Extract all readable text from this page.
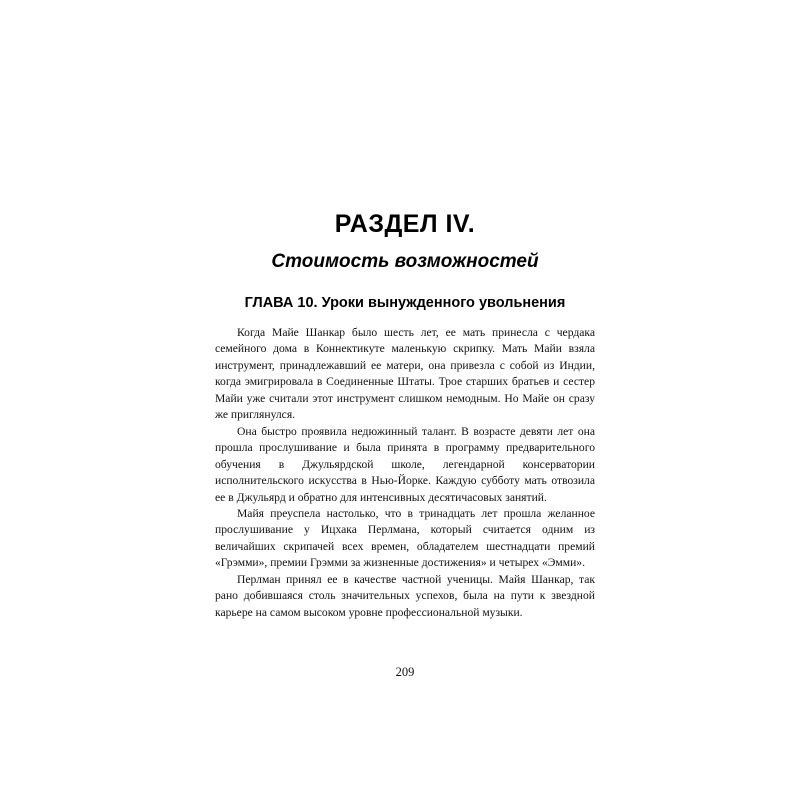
РАЗДЕЛ IV.
Стоимость возможностей
ГЛАВА 10. Уроки вынужденного увольнения

Когда Майе Шанкар было шесть лет, ее мать принесла с чердака семейного дома в Коннектикуте маленькую скрипку. Мать Майи взяла инструмент, принадлежавший ее матери, она привезла с собой из Индии, когда эмигрировала в Соединенные Штаты. Трое старших братьев и сестер Майи уже считали этот инструмент слишком немодным. Но Майе он сразу же приглянулся.

Она быстро проявила недюжинный талант. В возрасте девяти лет она прошла прослушивание и была принята в программу предварительного обучения в Джульярдской школе, легендарной консерватории исполнительского искусства в Нью-Йорке. Каждую субботу мать отвозила ее в Джульярд и обратно для интенсивных десятичасовых занятий.

Майя преуспела настолько, что в тринадцать лет прошла желанное прослушивание у Ицхака Перлмана, который считается одним из величайших скрипачей всех времен, обладателем шестнадцати премий «Грэмми», премии Грэмми за жизненные достижения» и четырех «Эмми».

Перлман принял ее в качестве частной ученицы. Майя Шанкар, так рано добившаяся столь значительных успехов, была на пути к звездной карьере на самом высоком уровне профессиональной музыки.

209
